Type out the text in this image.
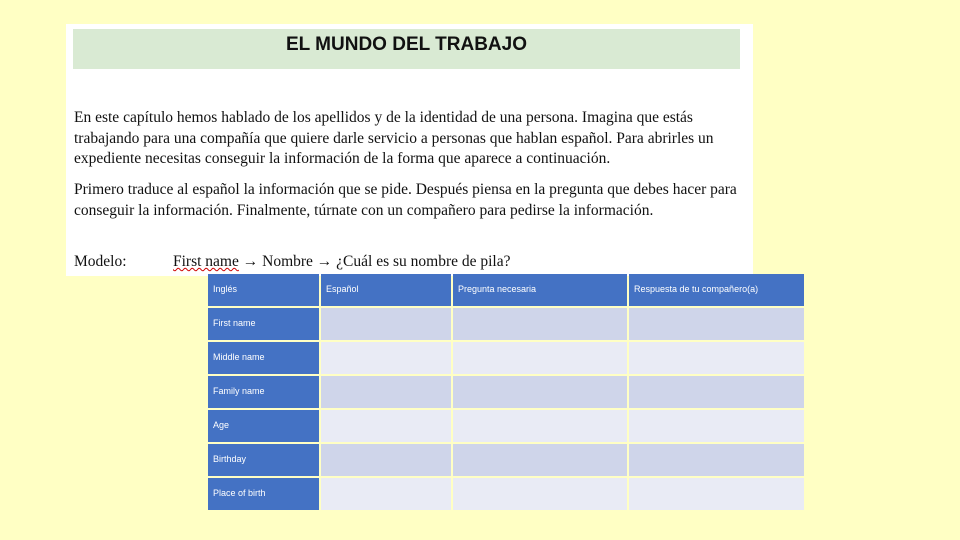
EL MUNDO DEL TRABAJO

En este capítulo hemos hablado de los apellidos y de la identidad de una persona. Imagina que estás trabajando para una compañía que quiere darle servicio a personas que hablan español. Para abrirles un expediente necesitas conseguir la información de la forma que aparece a continuación.

Primero traduce al español la información que se pide. Después piensa en la pregunta que debes hacer para conseguir la información. Finalmente, túrnate con un compañero para pedirse la información.

Modelo:	First name → Nombre → ¿Cuál es su nombre de pila?
Inglés	Español	Pregunta necesaria	Respuesta de tu compañero(a)
First name			
Middle name			
Family name			
Age			
Birthday			
Place of birth			
